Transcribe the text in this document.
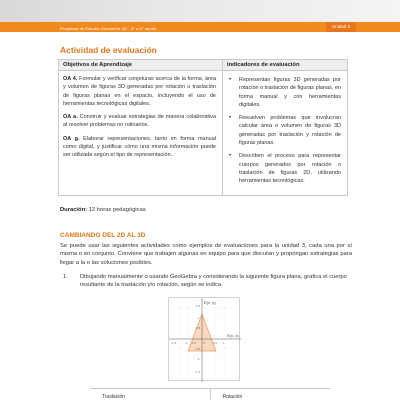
Programa de Estudio Geometría 3D - 3° a 4° medio	Unidad 3
Actividad de evaluación
Objetivos de Aprendizaje	Indicadores de evaluación

OA 4. Formular y verificar conjeturas acerca de la forma, área y volumen de figuras 3D generadas por rotación o traslación de figuras planas en el espacio, incluyendo el uso de herramientas tecnológicas digitales.

OA a. Construir y evaluar estrategias de manera colaborativa al resolver problemas no rutinarios.

OA g. Elaborar representaciones, tanto en forma manual como digital, y justificar cómo una misma información puede ser utilizada según el tipo de representación.

•	Representan figuras 3D generadas por rotación o traslación de figuras planas, en forma manual y con herramientas digitales.
•	Resuelven problemas que involucran calcular área o volumen de figuras 3D generadas por traslación y rotación de figuras planas.
•	Describen el proceso para representar cuerpos generados por rotación o traslación de figuras 2D, utilizando herramientas tecnológicas.
Duración: 12 horas pedagógicas
CAMBIANDO DEL 2D AL 3D
Se puede usar las siguientes actividades como ejemplos de evaluaciones para la unidad 3, cada una por sí misma o en conjunto. Conviene que trabajen algunas en equipo para que discutan y propongan estrategias para llegar a la o las soluciones posibles.
1.	Dibujando manualmente o usando GeoGebra y considerando la siguiente figura plana, grafica el cuerpo resultante de la traslación y/o rotación, según se indica.
E(x, y)
E(x, z)
-1.5	-1 -0.5 0	0.5 1
1.5
1
0.5
-0.5
-1
-1.5
Traslación	Rotación
